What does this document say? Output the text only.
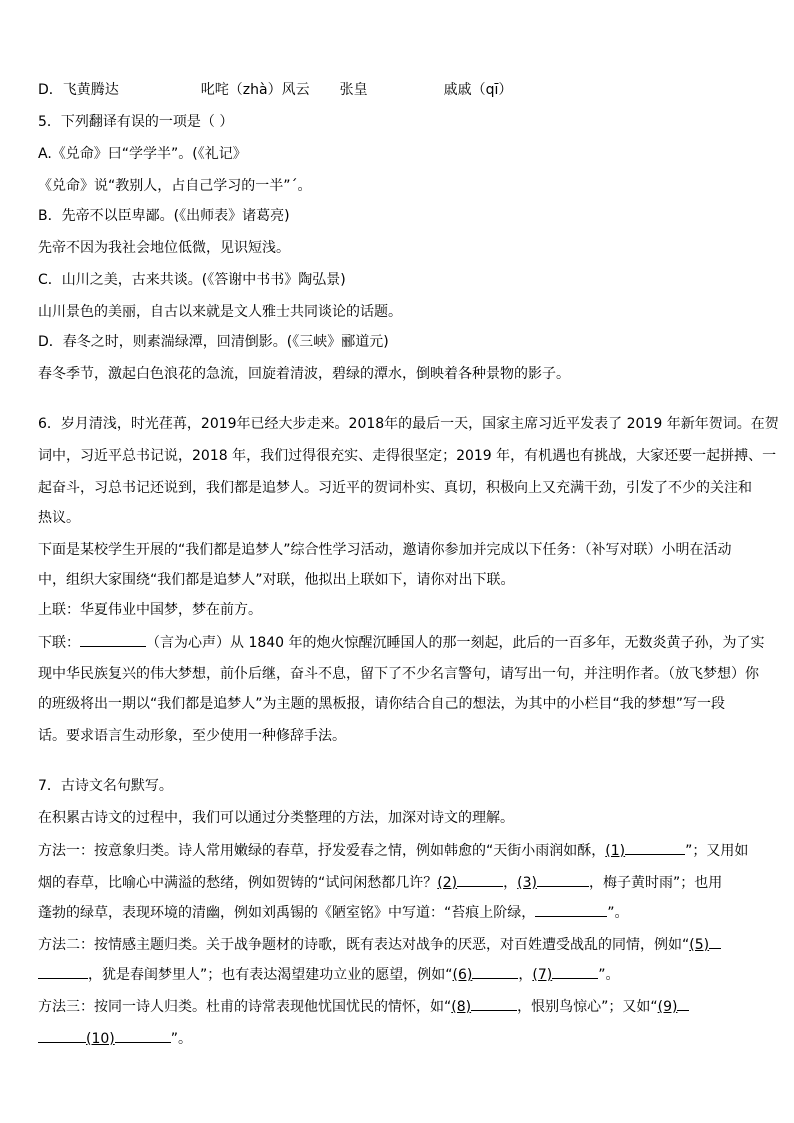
D．飞黄腾达	叱咤（zhà）风云 张皇	戚戚（qī）
5．下列翻译有误的一项是（ ）
A.《兑命》曰“学学半”。(《礼记》
《兑命》说“教别人，占自己学习的一半”ˊ。
B．先帝不以臣卑鄙。(《出师表》诸葛亮)
先帝不因为我社会地位低微，见识短浅。
C．山川之美，古来共谈。(《答谢中书书》陶弘景)
山川景色的美丽，自古以来就是文人雅士共同谈论的话题。
D．春冬之时，则素湍绿潭，回清倒影。(《三峡》郦道元)
春冬季节，激起白色浪花的急流，回旋着清波，碧绿的潭水，倒映着各种景物的影子。
6．岁月清浅，时光荏苒，2019年已经大步走来。2018年的最后一天，国家主席习近平发表了 2019 年新年贺词。在贺
词中，习近平总书记说，2018 年，我们过得很充实、走得很坚定；2019 年，有机遇也有挑战，大家还要一起拼搏、一
起奋斗，习总书记还说到，我们都是追梦人。习近平的贺词朴实、真切，积极向上又充满干劲，引发了不少的关注和
热议。
下面是某校学生开展的“我们都是追梦人”综合性学习活动，邀请你参加并完成以下任务：（补写对联）小明在活动
中，组织大家围绕“我们都是追梦人”对联，他拟出上联如下，请你对出下联。
上联：华夏伟业中国梦，梦在前方。
下联：	（言为心声）从 1840 年的炮火惊醒沉睡国人的那一刻起，此后的一百多年，无数炎黄子孙，为了实
现中华民族复兴的伟大梦想，前仆后继，奋斗不息，留下了不少名言警句，请写出一句，并注明作者。（放飞梦想）你
的班级将出一期以“我们都是追梦人”为主题的黑板报，请你结合自己的想法，为其中的小栏目“我的梦想”写一段
话。要求语言生动形象，至少使用一种修辞手法。
7．古诗文名句默写。
在积累古诗文的过程中，我们可以通过分类整理的方法，加深对诗文的理解。
方法一：按意象归类。诗人常用嫩绿的春草，抒发爱春之情，例如韩愈的“天街小雨润如酥，(1)	”；又用如
烟的春草，比喻心中满溢的愁绪，例如贺铸的“试问闲愁都几许？(2)	，(3)	，梅子黄时雨”；也用
蓬勃的绿草，表现环境的清幽，例如刘禹锡的《陋室铭》中写道：“苔痕上阶绿，	”。
方法二：按情感主题归类。关于战争题材的诗歌，既有表达对战争的厌恶，对百姓遭受战乱的同情，例如“(5)
，犹是春闺梦里人”；也有表达渴望建功立业的愿望，例如“(6)	，(7)	”。
方法三：按同一诗人归类。杜甫的诗常表现他忧国忧民的情怀，如“(8)	，恨别鸟惊心”；又如“(9)
(10)	”。
